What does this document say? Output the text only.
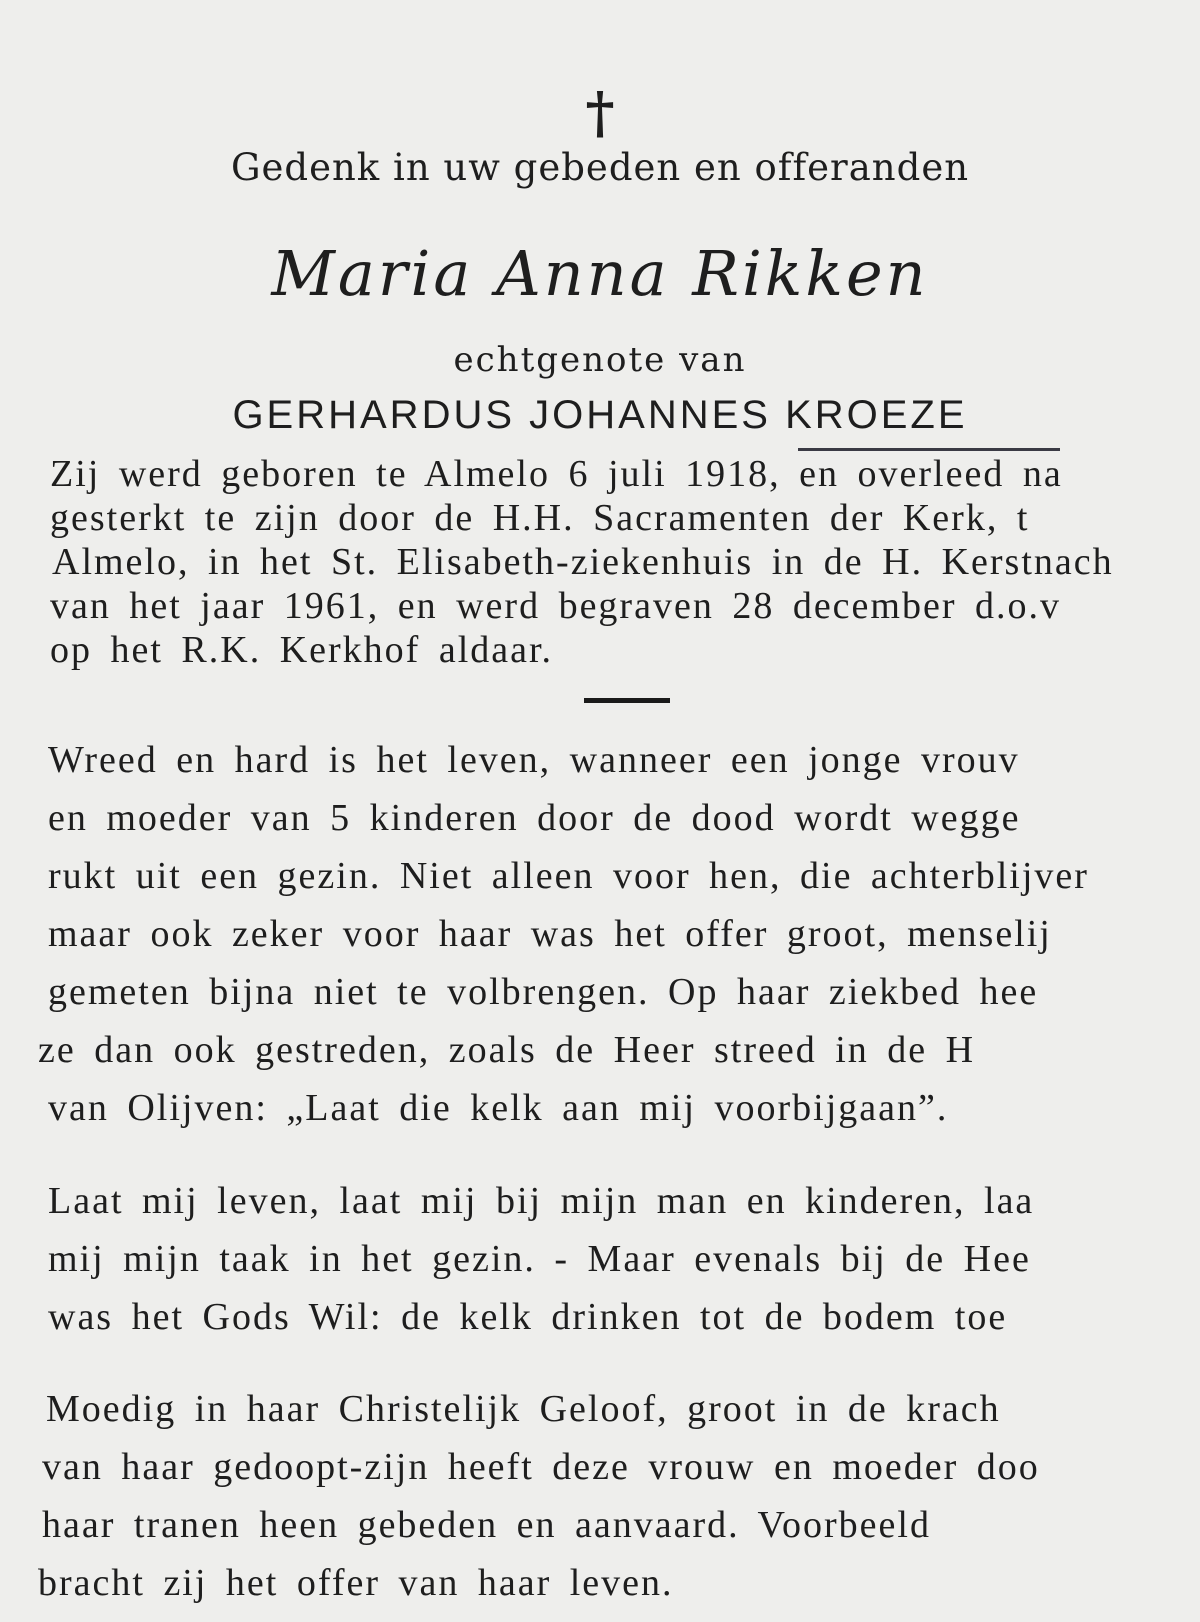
†
Gedenk in uw gebeden en offeranden
Maria Anna Rikken
echtgenote van
GERHARDUS JOHANNES KROEZE
Zij werd geboren te Almelo 6 juli 1918, en overleed na
gesterkt te zijn door de H.H. Sacramenten der Kerk, t
Almelo, in het St. Elisabeth-ziekenhuis in de H. Kerstnach
van het jaar 1961, en werd begraven 28 december d.o.v
op het R.K. Kerkhof aldaar.
Wreed en hard is het leven, wanneer een jonge vrouv
en moeder van 5 kinderen door de dood wordt wegge
rukt uit een gezin. Niet alleen voor hen, die achterblijver
maar ook zeker voor haar was het offer groot, menselij
gemeten bijna niet te volbrengen. Op haar ziekbed hee
ze dan ook gestreden, zoals de Heer streed in de H
van Olijven: „Laat die kelk aan mij voorbijgaan”.
Laat mij leven, laat mij bij mijn man en kinderen, laa
mij mijn taak in het gezin. - Maar evenals bij de Hee
was het Gods Wil: de kelk drinken tot de bodem toe
Moedig in haar Christelijk Geloof, groot in de krach
van haar gedoopt-zijn heeft deze vrouw en moeder doo
haar tranen heen gebeden en aanvaard. Voorbeeld
bracht zij het offer van haar leven.
